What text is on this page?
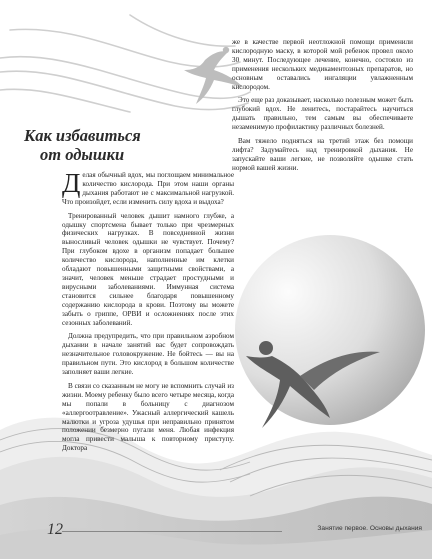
Как избавиться
от одышки

Делая обычный вдох, мы поглощаем минимальное количество кислорода. При этом наши органы дыхания работают не с максимальной нагрузкой. Что произойдет, если изменить силу вдоха и выдоха?

Тренированный человек дышит намного глубже, а одышку спортсмена бывает только при чрезмерных физических нагрузках. В повседневной жизни выносливый человек одышки не чувствует. Почему? При глубоком вдохе в организм попадает большее количество кислорода, наполненные им клетки обладают повышенными защитными свойствами, а значит, человек меньше страдает простудными и вирусными заболеваниями. Иммунная система становится сильнее благодаря повышенному содержанию кислорода в крови. Поэтому вы можете забыть о гриппе, ОРВИ и осложнениях после этих сезонных заболеваний.

Должна предупредить, что при правильном аэробном дыхании в начале занятий вас будет сопровождать незначительное головокружение. Не бойтесь — вы на правильном пути. Это кислород в большом количестве заполняет ваши легкие.

В связи со сказанным не могу не вспомнить случай из жизни. Моему ребенку было всего четыре месяца, когда мы попали в больницу с диагнозом «аллергоотравление». Ужасный аллергический кашель малютки и угроза удушья при неправильно принятом положении безмерно пугали меня. Любая инфекция могла привести малыша к повторному приступу. Доктора

же в качестве первой неотложной помощи применили кислородную маску, в которой мой ребенок провел около 30 минут. Последующее лечение, конечно, состояло из применения нескольких медикаментозных препаратов, но основным оставались ингаляции увлажненным кислородом.

Это еще раз доказывает, насколько полезным может быть глубокий вдох. Не ленитесь, постарайтесь научиться дышать правильно, тем самым вы обеспечиваете незаменимую профилактику различных болезней.

Вам тяжело подняться на третий этаж без помощи лифта? Задумайтесь над тренировкой дыхания. Не запускайте ваши легкие, не позволяйте одышке стать нормой вашей жизни.

12	Занятие первое. Основы дыхания
